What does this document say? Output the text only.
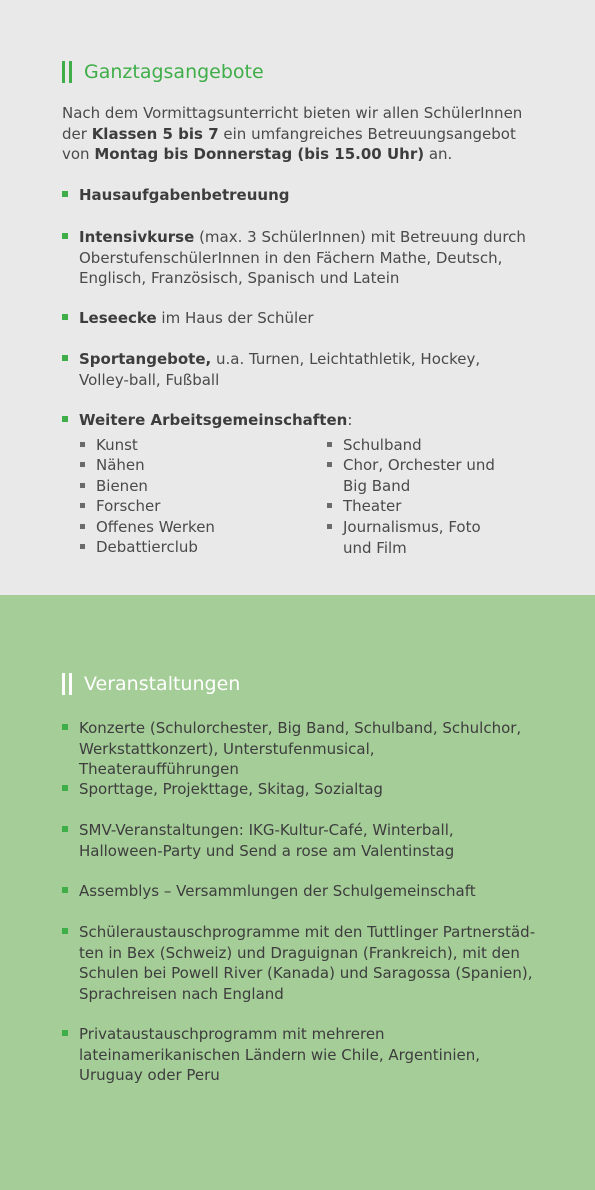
Ganztagsangebote

Nach dem Vormittagsunterricht bieten wir allen SchülerInnen der Klassen 5 bis 7 ein umfangreiches Betreuungsangebot von Montag bis Donnerstag (bis 15.00 Uhr) an.

Hausaufgabenbetreuung
Intensivkurse (max. 3 SchülerInnen) mit Betreuung durch OberstufenschülerInnen in den Fächern Mathe, Deutsch, Englisch, Französisch, Spanisch und Latein
Leseecke im Haus der Schüler
Sportangebote, u.a. Turnen, Leichtathletik, Hockey, Volley-ball, Fußball
Weitere Arbeitsgemeinschaften:
Kunst
Nähen
Bienen
Forscher
Offenes Werken
Debattierclub
Schulband
Chor, Orchester und Big Band
Theater
Journalismus, Foto und Film
Veranstaltungen
Konzerte (Schulorchester, Big Band, Schulband, Schulchor, Werkstattkonzert), Unterstufenmusical, Theateraufführungen
Sporttage, Projekttage, Skitag, Sozialtag
SMV-Veranstaltungen: IKG-Kultur-Café, Winterball, Halloween-Party und Send a rose am Valentinstag
Assemblys – Versammlungen der Schulgemeinschaft
Schüleraustauschprogramme mit den Tuttlinger Partnerstäd-ten in Bex (Schweiz) und Draguignan (Frankreich), mit den Schulen bei Powell River (Kanada) und Saragossa (Spanien), Sprachreisen nach England
Privataustauschprogramm mit mehreren lateinamerikanischen Ländern wie Chile, Argentinien, Uruguay oder Peru
